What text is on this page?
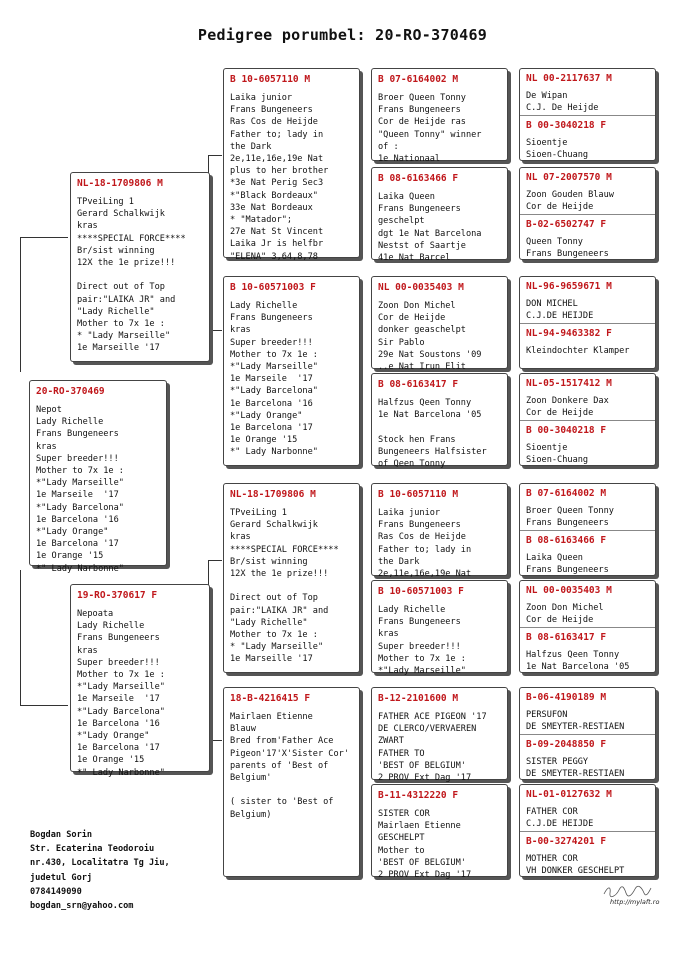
Pedigree porumbel: 20-RO-370469
20-RO-370469
Nepot
Lady Richelle
Frans Bungeneers
kras
Super breeder!!!
Mother to 7x 1e :
*"Lady Marseille"
1e Marseile  '17
*"Lady Barcelona"
1e Barcelona '16
*"Lady Orange"
1e Barcelona '17
1e Orange '15
*" Lady Narbonne"
NL-18-1709806 M
TPveiLing 1
Gerard Schalkwijk
kras
****SPECIAL FORCE****
Br/sist winning
12X the 1e prize!!!

Direct out of Top
pair:"LAIKA JR" and
"Lady Richelle"
Mother to 7x 1e :
* "Lady Marseille"
1e Marseille '17
19-RO-370617 F
Nepoata
Lady Richelle
Frans Bungeneers
kras
Super breeder!!!
Mother to 7x 1e :
*"Lady Marseille"
1e Marseile  '17
*"Lady Barcelona"
1e Barcelona '16
*"Lady Orange"
1e Barcelona '17
1e Orange '15
*" Lady Narbonne"
B 10-6057110 M
Laika junior
Frans Bungeneers
Ras Cos de Heijde
Father to; lady in
the Dark
2e,11e,16e,19e Nat
plus to her brother
*3e Nat Perig Sec3
*"Black Bordeaux"
33e Nat Bordeaux
* "Matador";
27e Nat St Vincent
Laika Jr is helfbr
"ELENA" 3,64,8,78
B 10-60571003 F
Lady Richelle
Frans Bungeneers
kras
Super breeder!!!
Mother to 7x 1e :
*"Lady Marseille"
1e Marseile  '17
*"Lady Barcelona"
1e Barcelona '16
*"Lady Orange"
1e Barcelona '17
1e Orange '15
*" Lady Narbonne"
NL-18-1709806 M
TPveiLing 1
Gerard Schalkwijk
kras
****SPECIAL FORCE****
Br/sist winning
12X the 1e prize!!!

Direct out of Top
pair:"LAIKA JR" and
"Lady Richelle"
Mother to 7x 1e :
* "Lady Marseille"
1e Marseille '17
18-B-4216415 F
Mairlaen Etienne
Blauw
Bred from'Father Ace
Pigeon'17'X'Sister Cor'
parents of 'Best of
Belgium'

( sister to 'Best of
Belgium)
B 07-6164002 M
Broer Queen Tonny
Frans Bungeneers
Cor de Heijde ras
"Queen Tonny" winner
of :
1e Nationaal
B 08-6163466 F
Laika Queen
Frans Bungeneers
geschelpt
dgt 1e Nat Barcelona
Nestst of Saartje
41e Nat Barcel
NL 00-0035403 M
Zoon Don Michel
Cor de Heijde
donker geaschelpt
Sir Pablo
29e Nat Soustons '09
..e Nat Irun Elit
B 08-6163417 F
Halfzus Qeen Tonny
1e Nat Barcelona '05

Stock hen Frans
Bungeneers Halfsister
of Qeen Tonny
B 10-6057110 M
Laika junior
Frans Bungeneers
Ras Cos de Heijde
Father to; lady in
the Dark
2e,11e,16e,19e Nat
B 10-60571003 F
Lady Richelle
Frans Bungeneers
kras
Super breeder!!!
Mother to 7x 1e :
*"Lady Marseille"
B-12-2101600 M
FATHER ACE PIGEON '17
DE CLERCO/VERVAEREN
ZWART
FATHER TO
'BEST OF BELGIUM'
2 PROV Ext Dag '17
B-11-4312220 F
SISTER COR
Mairlaen Etienne
GESCHELPT
Mother to
'BEST OF BELGIUM'
2 PROV Ext Dag '17
NL 00-2117637 M
De Wipan
C.J. De Heijde
B 00-3040218 F
Sioentje
Sioen-Chuang
NL 07-2007570 M
Zoon Gouden Blauw
Cor de Heijde
B-02-6502747 F
Queen Tonny
Frans Bungeneers
NL-96-9659671 M
DON MICHEL
C.J.DE HEIJDE
NL-94-9463382 F
Kleindochter Klamper
NL-05-1517412 M
Zoon Donkere Dax
Cor de Heijde
B 00-3040218 F
Sioentje
Sioen-Chuang
B 07-6164002 M
Broer Queen Tonny
Frans Bungeneers
B 08-6163466 F
Laika Queen
Frans Bungeneers
NL 00-0035403 M
Zoon Don Michel
Cor de Heijde
B 08-6163417 F
Halfzus Qeen Tonny
1e Nat Barcelona '05
B-06-4190189 M
PERSUFON
DE SMEYTER-RESTIAEN
B-09-2048850 F
SISTER PEGGY
DE SMEYTER-RESTIAEN
NL-01-0127632 M
FATHER COR
C.J.DE HEIJDE
B-00-3274201 F
MOTHER COR
VH DONKER GESCHELPT
Bogdan Sorin
Str. Ecaterina Teodoroiu
nr.430, Localitatra Tg Jiu,
judetul Gorj
0784149090
bogdan_srn@yahoo.com	http://mylaft.ro
